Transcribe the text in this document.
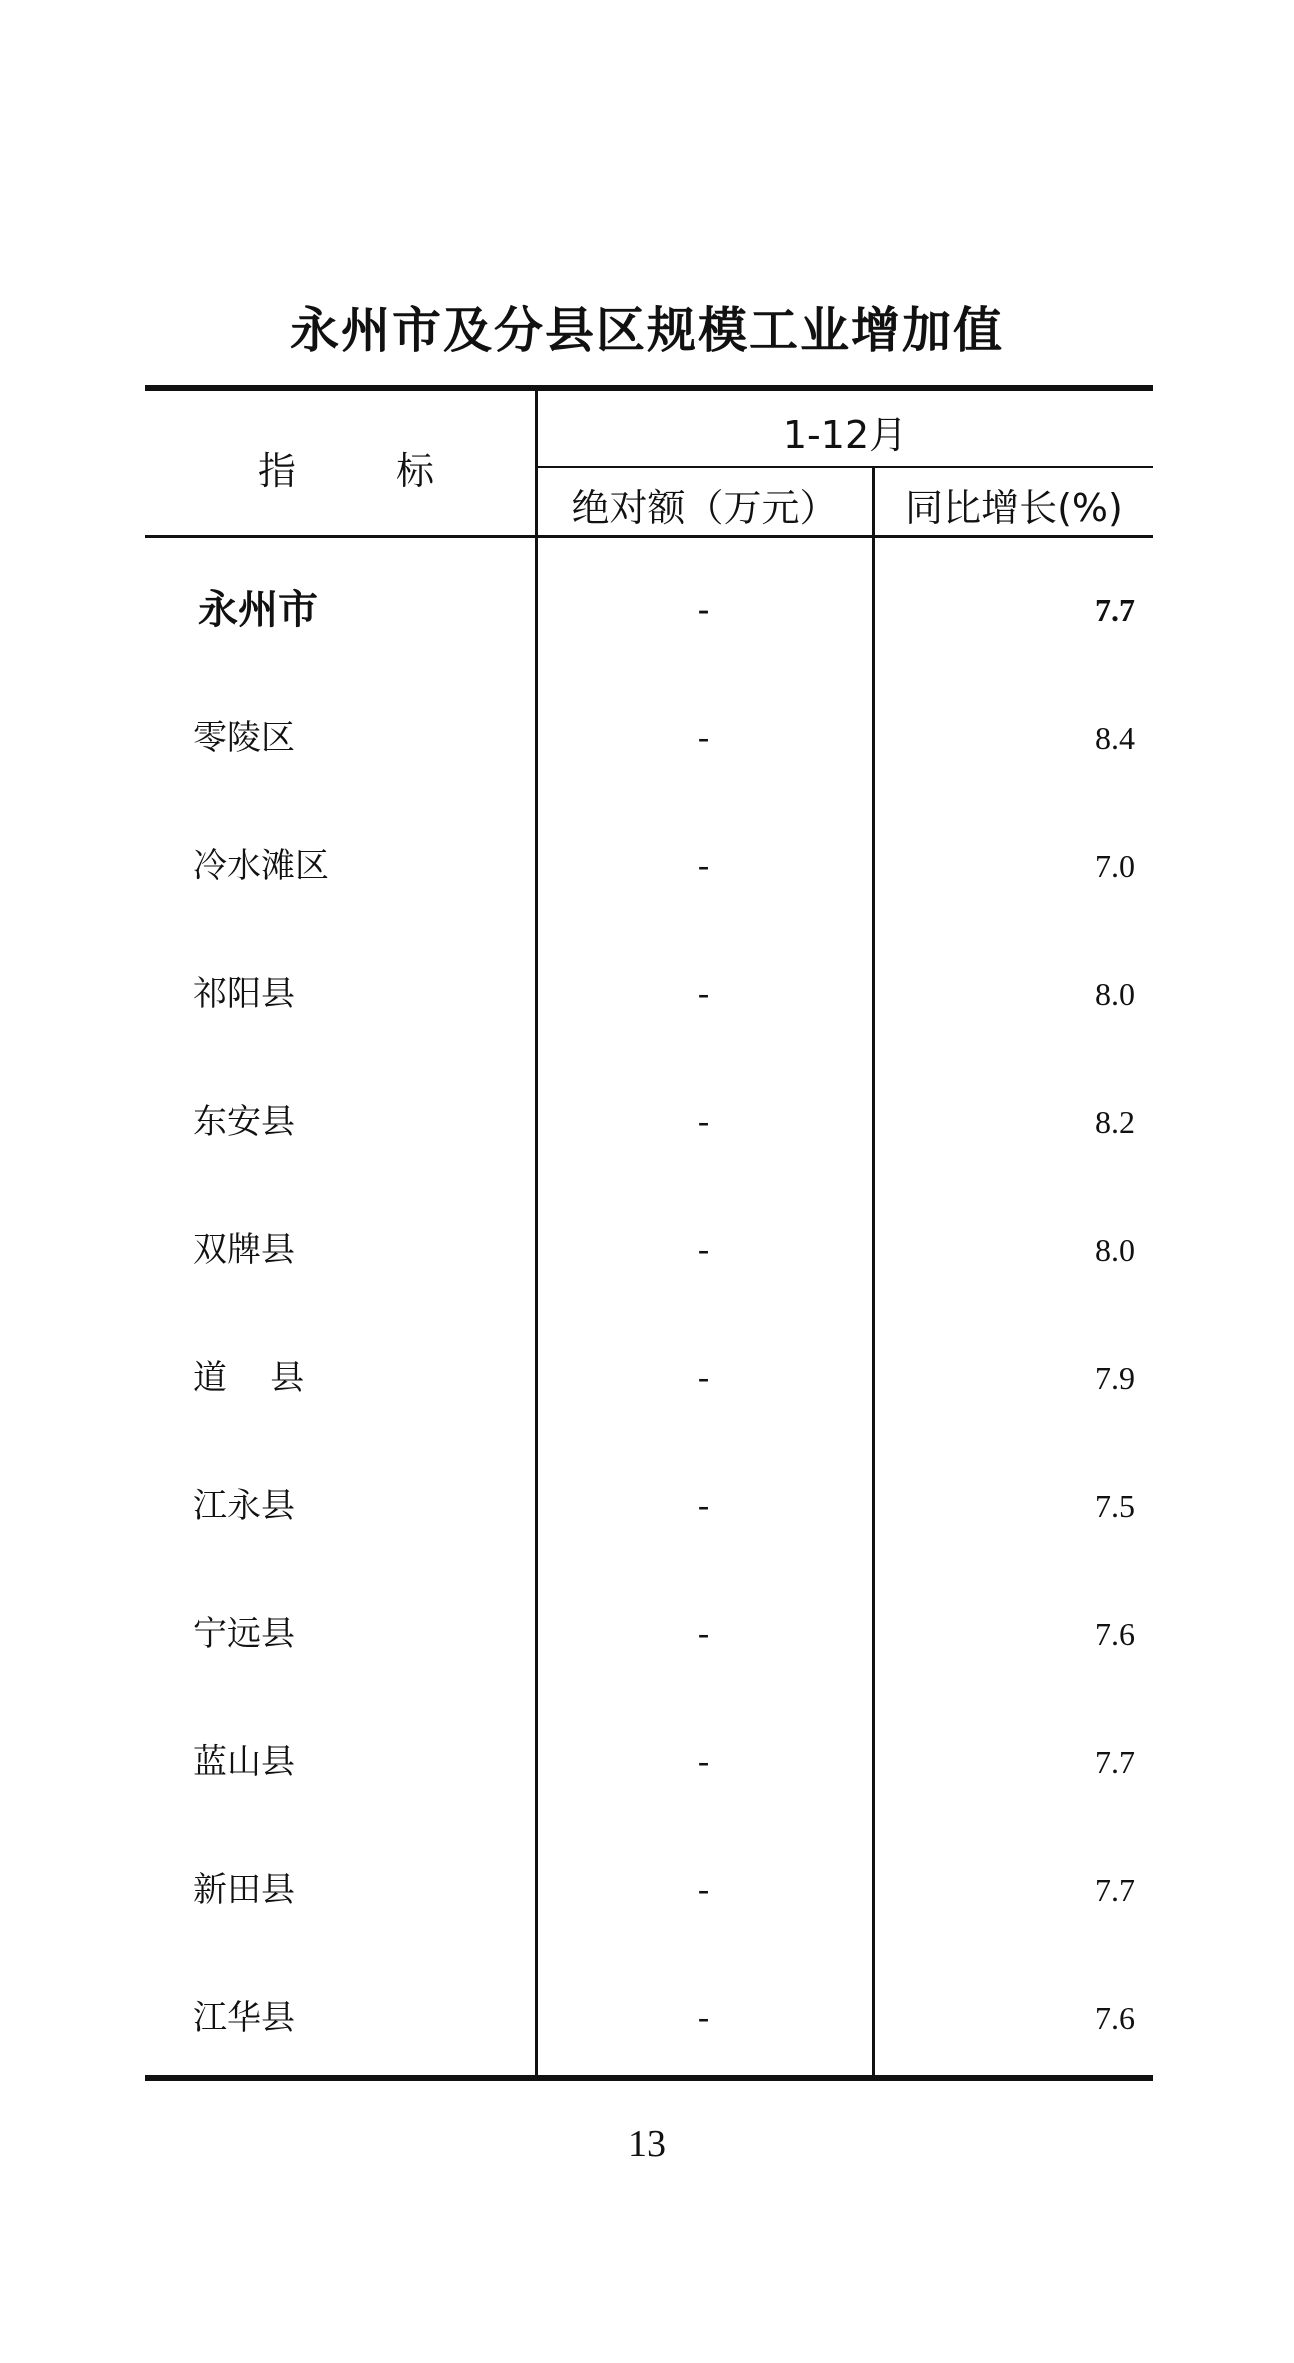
永州市及分县区规模工业增加值
指	标
1-12月
绝对额（万元）	同比增长(%)
永州市	-	7.7
零陵区	-	8.4
冷水滩区	-	7.0
祁阳县	-	8.0
东安县	-	8.2
双牌县	-	8.0
道    县	-	7.9
江永县	-	7.5
宁远县	-	7.6
蓝山县	-	7.7
新田县	-	7.7
江华县	-	7.6
13
